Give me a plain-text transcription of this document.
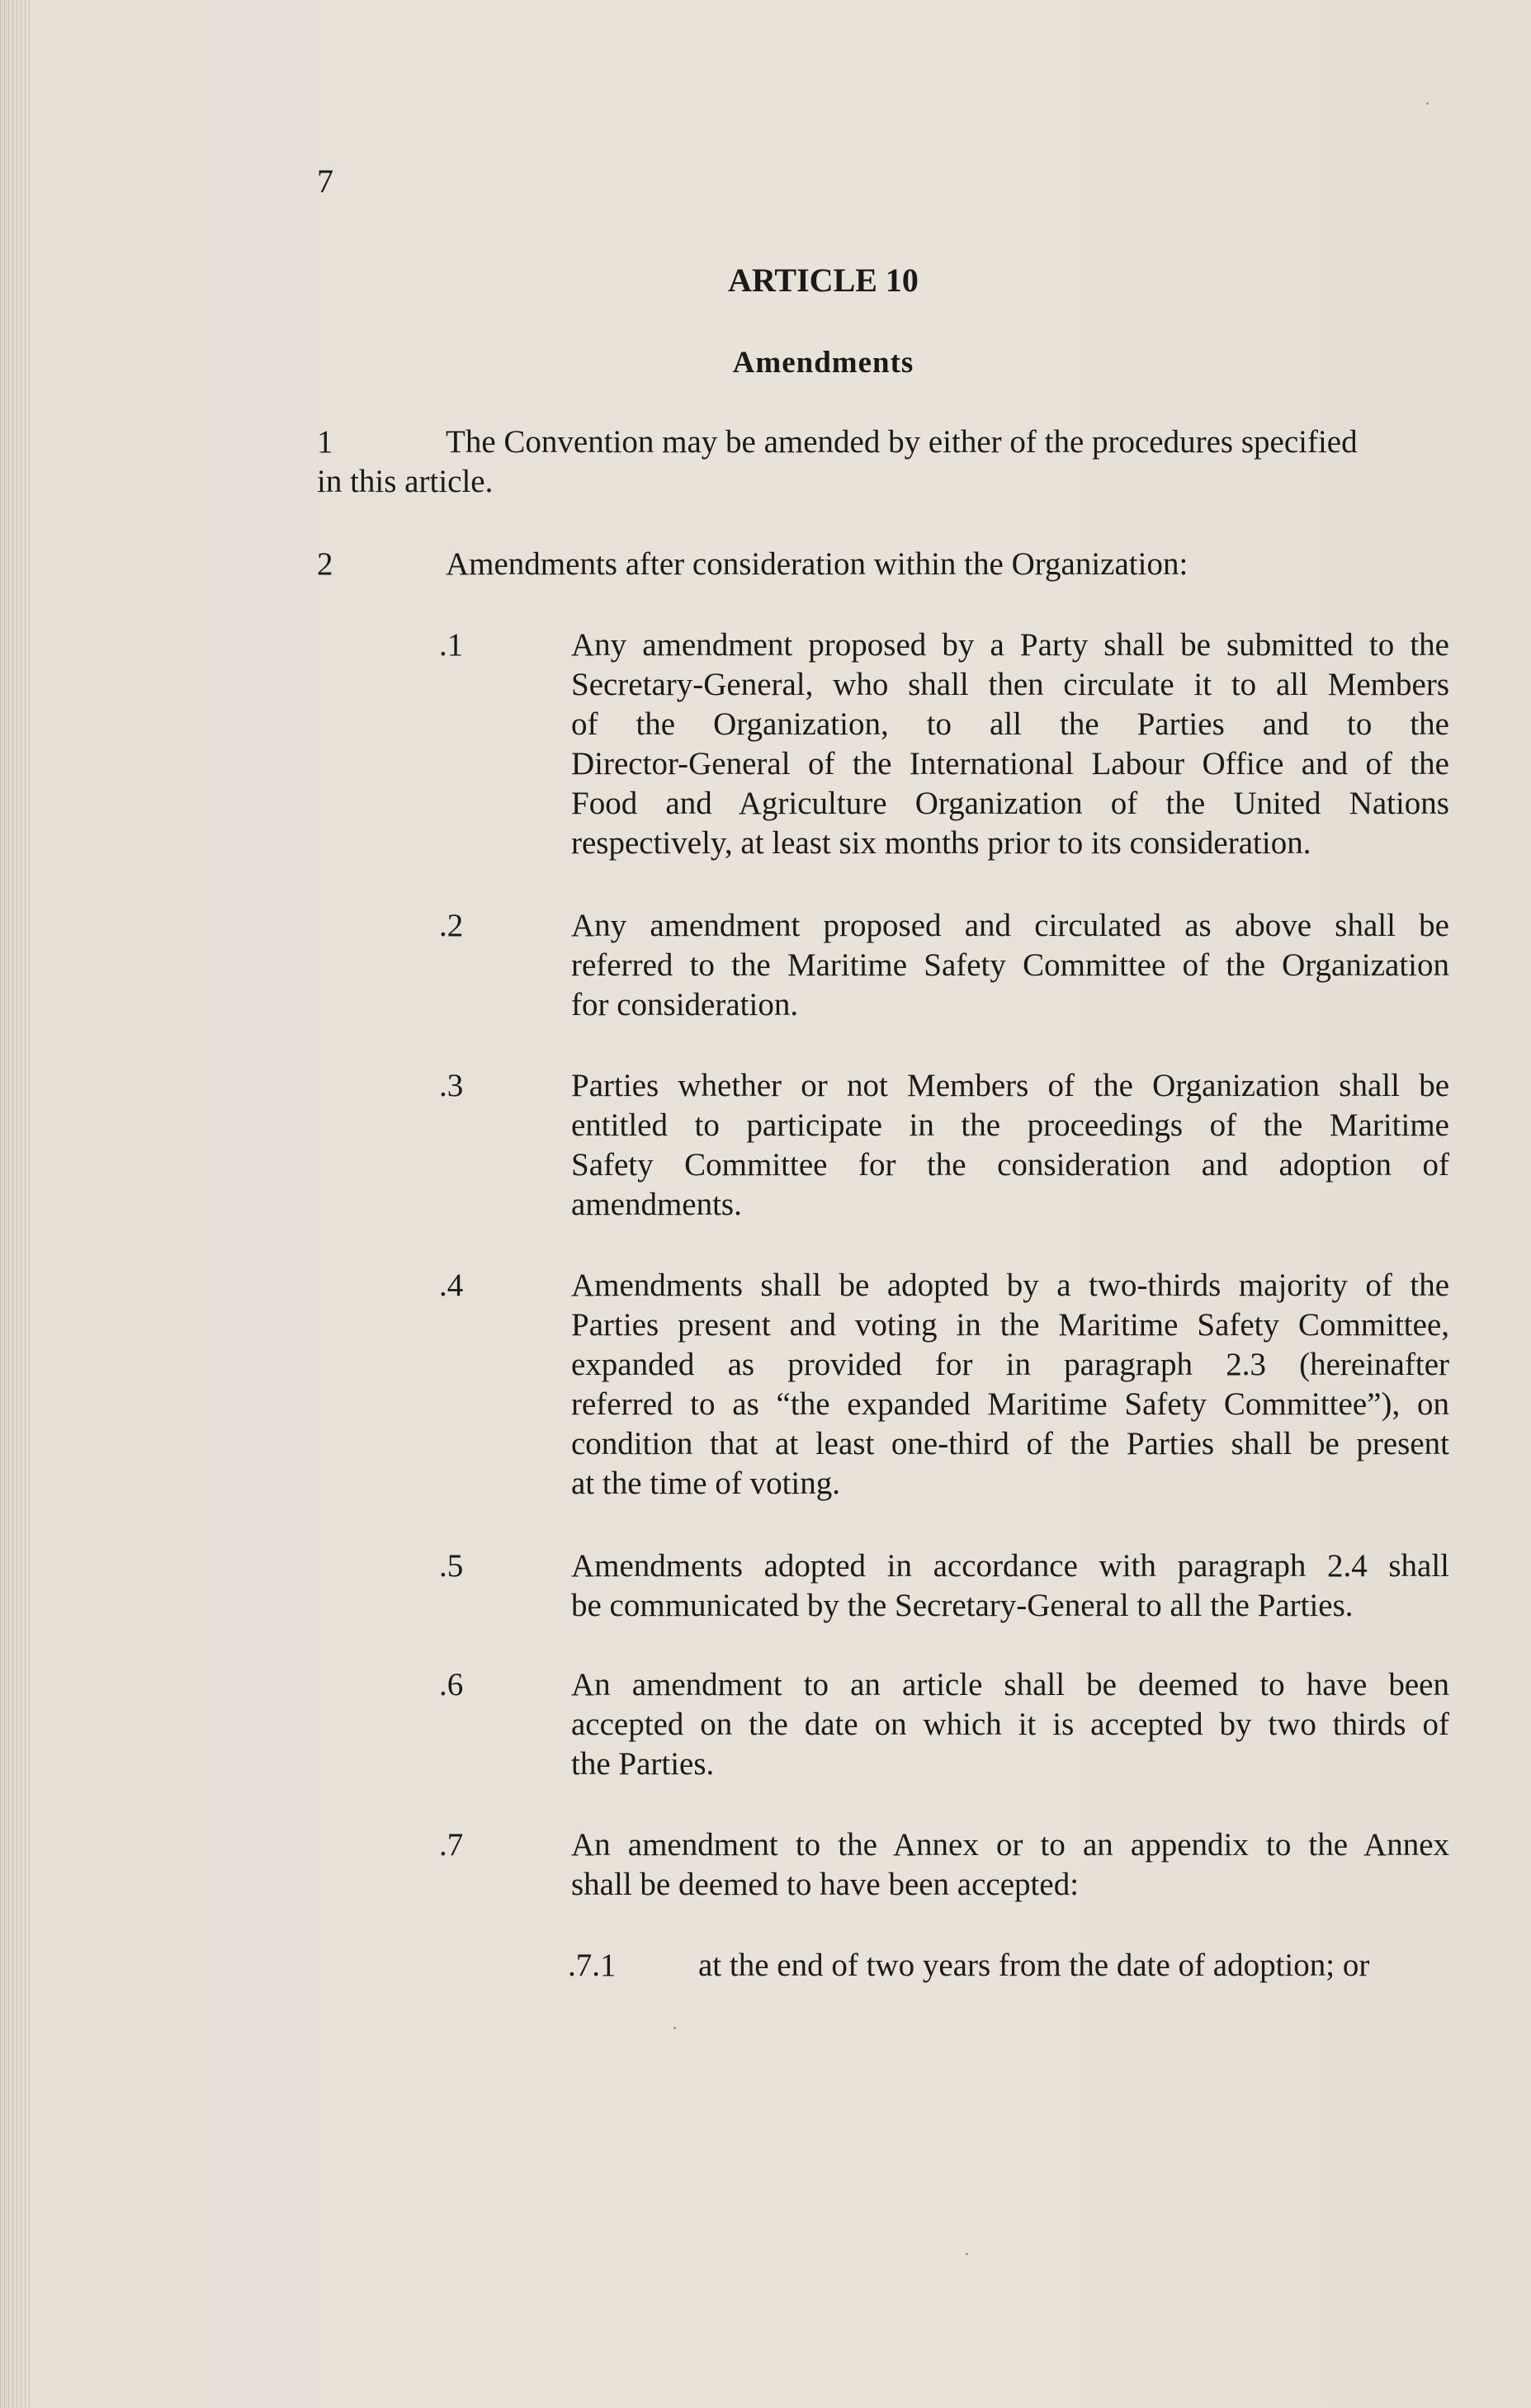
7
ARTICLE 10
Amendments
1	The Convention may be amended by either of the procedures specified
in this article.
2	Amendments after consideration within the Organization:
.1	Any amendment proposed by a Party shall be submitted to the
Secretary-General, who shall then circulate it to all Members
of the Organization, to all the Parties and to the
Director-General of the International Labour Office and of the
Food and Agriculture Organization of the United Nations
respectively, at least six months prior to its consideration.
.2	Any amendment proposed and circulated as above shall be
referred to the Maritime Safety Committee of the Organization
for consideration.
.3	Parties whether or not Members of the Organization shall be
entitled to participate in the proceedings of the Maritime
Safety Committee for the consideration and adoption of
amendments.
.4	Amendments shall be adopted by a two-thirds majority of the
Parties present and voting in the Maritime Safety Committee,
expanded as provided for in paragraph 2.3 (hereinafter
referred to as “the expanded Maritime Safety Committee”), on
condition that at least one-third of the Parties shall be present
at the time of voting.
.5	Amendments adopted in accordance with paragraph 2.4 shall
be communicated by the Secretary-General to all the Parties.
.6	An amendment to an article shall be deemed to have been
accepted on the date on which it is accepted by two thirds of
the Parties.
.7	An amendment to the Annex or to an appendix to the Annex
shall be deemed to have been accepted:
.7.1	at the end of two years from the date of adoption; or
